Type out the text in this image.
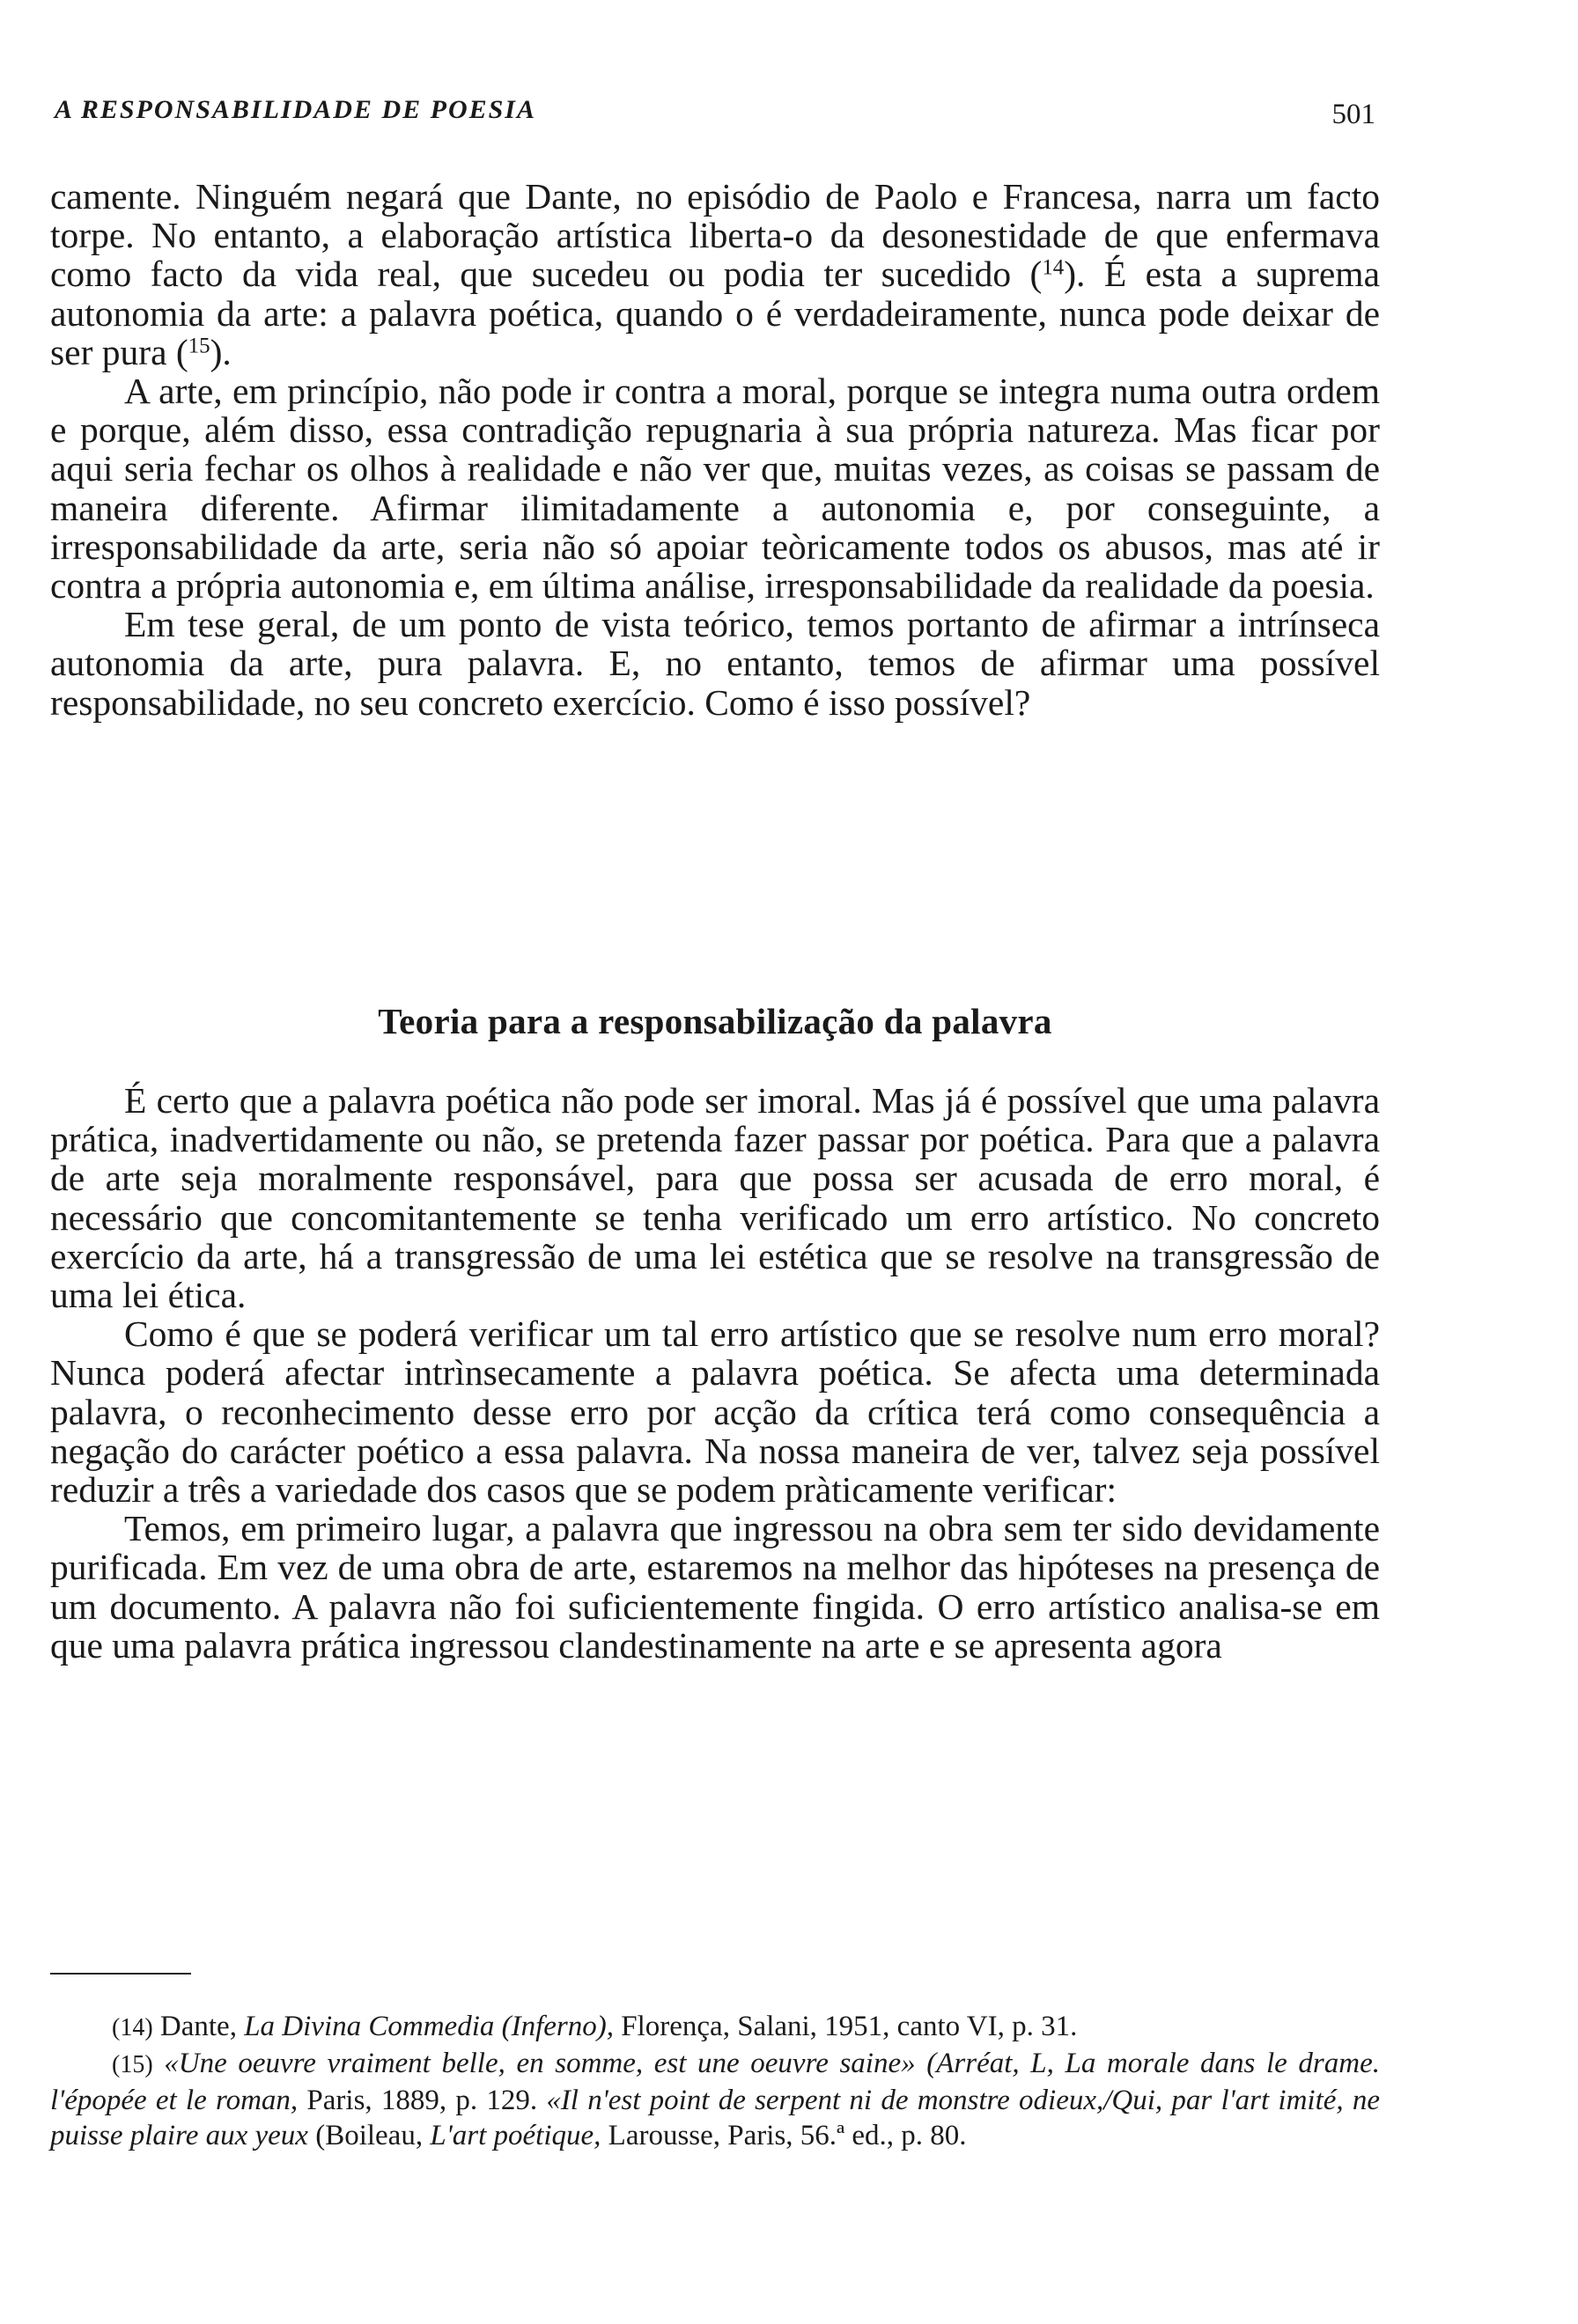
A RESPONSABILIDADE DE POESIA	501

camente. Ninguém negará que Dante, no episódio de Paolo e Francesa, narra um facto torpe. No entanto, a elaboração artística liberta-o da desonestidade de que enfermava como facto da vida real, que sucedeu ou podia ter sucedido ($^{14}$). É esta a suprema autonomia da arte: a palavra poética, quando o é verdadeiramente, nunca pode deixar de ser pura ($^{15}$).

A arte, em princípio, não pode ir contra a moral, porque se integra numa outra ordem e porque, além disso, essa contradição repugnaria à sua própria natureza. Mas ficar por aqui seria fechar os olhos à realidade e não ver que, muitas vezes, as coisas se passam de maneira diferente. Afirmar ilimitadamente a autonomia e, por conseguinte, a irresponsabilidade da arte, seria não só apoiar teòricamente todos os abusos, mas até ir contra a própria autonomia e, em última análise, irresponsabilidade da realidade da poesia.

Em tese geral, de um ponto de vista teórico, temos portanto de afirmar a intrínseca autonomia da arte, pura palavra. E, no entanto, temos de afirmar uma possível responsabilidade, no seu concreto exercício. Como é isso possível?

Teoria para a responsabilização da palavra

É certo que a palavra poética não pode ser imoral. Mas já é possível que uma palavra prática, inadvertidamente ou não, se pretenda fazer passar por poética. Para que a palavra de arte seja moralmente responsável, para que possa ser acusada de erro moral, é necessário que concomitantemente se tenha verificado um erro artístico. No concreto exercício da arte, há a transgressão de uma lei estética que se resolve na transgressão de uma lei ética.

Como é que se poderá verificar um tal erro artístico que se resolve num erro moral? Nunca poderá afectar intrìnsecamente a palavra poética. Se afecta uma determinada palavra, o reconhecimento desse erro por acção da crítica terá como consequência a negação do carácter poético a essa palavra. Na nossa maneira de ver, talvez seja possível reduzir a três a variedade dos casos que se podem pràticamente verificar:

Temos, em primeiro lugar, a palavra que ingressou na obra sem ter sido devidamente purificada. Em vez de uma obra de arte, estaremos na melhor das hipóteses na presença de um documento. A palavra não foi suficientemente fingida. O erro artístico analisa-se em que uma palavra prática ingressou clandestinamente na arte e se apresenta agora

(14) Dante, La Divina Commedia (Inferno), Florença, Salani, 1951, canto VI, p. 31.

(15) «Une oeuvre vraiment belle, en somme, est une oeuvre saine» (Arréat, L, La morale dans le drame. l'épopée et le roman, Paris, 1889, p. 129. «Il n'est point de serpent ni de monstre odieux,/Qui, par l'art imité, ne puisse plaire aux yeux (Boileau, L'art poétique, Larousse, Paris, 56.ª ed., p. 80.
